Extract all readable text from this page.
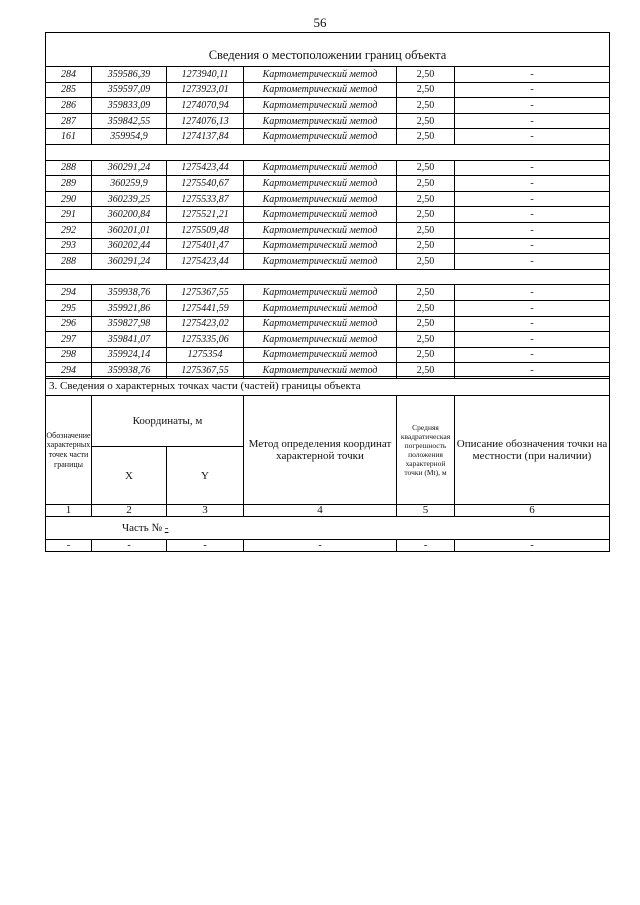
56
Сведения о местоположении границ объекта					
284	359586,39	1273940,11	Картометрический метод	2,50	-
285	359597,09	1273923,01	Картометрический метод	2,50	-
286	359833,09	1274070,94	Картометрический метод	2,50	-
287	359842,55	1274076,13	Картометрический метод	2,50	-
161	359954,9	1274137,84	Картометрический метод	2,50	-

288	360291,24	1275423,44	Картометрический метод	2,50	-
289	360259,9	1275540,67	Картометрический метод	2,50	-
290	360239,25	1275533,87	Картометрический метод	2,50	-
291	360200,84	1275521,21	Картометрический метод	2,50	-
292	360201,01	1275509,48	Картометрический метод	2,50	-
293	360202,44	1275401,47	Картометрический метод	2,50	-
288	360291,24	1275423,44	Картометрический метод	2,50	-

294	359938,76	1275367,55	Картометрический метод	2,50	-
295	359921,86	1275441,59	Картометрический метод	2,50	-
296	359827,98	1275423,02	Картометрический метод	2,50	-
297	359841,07	1275335,06	Картометрический метод	2,50	-
298	359924,14	1275354	Картометрический метод	2,50	-
294	359938,76	1275367,55	Картометрический метод	2,50	-
3. Сведения о характерных точках части (частей) границы объекта					
Обозначение характерных точек части границы	Координаты, м		Метод определения координат характерной точки	Средняя квадратическая погрешность положения характерной точки (Мt), м	Описание обозначения точки на местности (при наличии)
	X	Y			
1	2	3	4	5	6
Часть № -					
-	-	-	-	-	-
